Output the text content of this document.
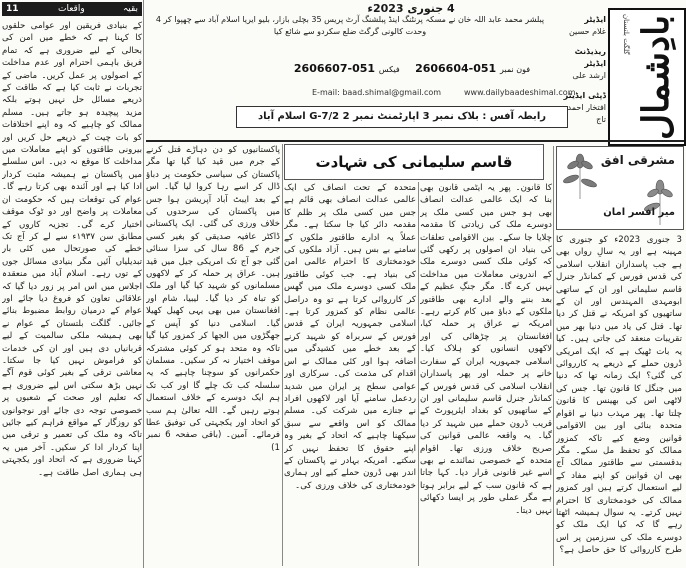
11	واقعات	بقیہ
کے بنیادی فریقین اور عوامی حلقوں کا کہنا ہے کہ خطے میں امن کی بحالی کے لیے ضروری ہے کہ تمام فریق باہمی احترام اور عدم مداخلت کے اصولوں پر عمل کریں۔ ماضی کے تجربات نے ثابت کیا ہے کہ طاقت کے ذریعے مسائل حل نہیں ہوتے بلکہ مزید پیچیدہ ہو جاتے ہیں۔ مسلم ممالک کو چاہیے کہ وہ اپنے اختلافات کو بات چیت کے ذریعے حل کریں اور بیرونی طاقتوں کو اپنے معاملات میں مداخلت کا موقع نہ دیں۔ اس سلسلے میں پاکستان نے ہمیشہ مثبت کردار ادا کیا ہے اور آئندہ بھی کرتا رہے گا۔ عوام کی توقعات ہیں کہ حکومت ان معاملات پر واضح اور دو ٹوک موقف اختیار کرے گی۔ تجزیہ کاروں کے مطابق سن ۱۹۳۷ء سے لے کر آج تک خطے کی صورتحال میں کئی بار تبدیلیاں آئیں مگر بنیادی مسائل جوں کے توں رہے۔ اسلام آباد میں منعقدہ اجلاس میں اس امر پر زور دیا گیا کہ علاقائی تعاون کو فروغ دیا جائے اور عوام کے درمیان روابط مضبوط بنائے جائیں۔ گلگت بلتستان کے عوام نے بھی ہمیشہ ملکی سالمیت کے لیے قربانیاں دی ہیں اور ان کی خدمات کو فراموش نہیں کیا جا سکتا۔ معاشی ترقی کے بغیر کوئی قوم آگے نہیں بڑھ سکتی اس لیے ضروری ہے کہ تعلیم اور صحت کے شعبوں پر خصوصی توجہ دی جائے اور نوجوانوں کو روزگار کے مواقع فراہم کیے جائیں تاکہ وہ ملک کی تعمیر و ترقی میں اپنا کردار ادا کر سکیں۔ آخر میں یہ کہنا ضروری ہے کہ اتحاد اور یکجہتی ہی ہماری اصل طاقت ہے۔
4 جنوری 2023ء
پبلشر محمد عابد اللہ خان نے مسکہ پرنٹنگ اینڈ پبلشنگ آرٹ پریس 35 بچلی بازار، بلیو ایریا اسلام آباد سے چھپوا کر 4 وحدت کالونی گرگٹ ضلع سکردو سے شائع کیا
فون نمبر 051-2606604    فیکس 051-2606607
E-mail: baad.shimal@gmail.com	www.dailybaadeshimal.com
رابطہ آفس : بلاک نمبر 3 اپارٹمنٹ نمبر 2 G-7/2 اسلام آباد
ایڈیٹر
غلام حسین
ریذیڈنٹ ایڈیٹر
ارشد علی
ڈپٹی ایڈیٹر
افتخار احمد تاج
گلگت بلتستان بادِشمال
قاسم سلیمانی کی شہادت	مشرقی افق
میر افسر امان
3 جنوری 2023ء کو جنوری کا مہینہ ہے اور یہ سالِ رواں بھی ہے جب پاسداران انقلاب اسلامی کی قدس فورس کے کمانڈر جنرل قاسم سلیمانی اور ان کے ساتھی ابومہدی المہندس اور ان کے ساتھیوں کو امریکہ نے قتل کر دیا تھا۔ قتل کی یاد میں دنیا بھر میں تقریبات منعقد کی جاتی ہیں۔ کیا یہ بات ٹھیک ہے کہ ایک امریکی ڈرون حملے کے ذریعے یہ کارروائی کی گئی؟ ایک زمانہ تھا کہ دنیا میں جنگل کا قانون تھا۔ جس کی لاٹھی اس کی بھینس کا قانون چلتا تھا۔ پھر مہذب دنیا نے اقوام متحدہ بنائی اور بین الاقوامی قوانین وضع کیے تاکہ کمزور ممالک کو تحفظ مل سکے۔ مگر بدقسمتی سے طاقتور ممالک آج بھی ان قوانین کو اپنے مفاد کے لیے استعمال کرتے ہیں اور کمزور ممالک کی خودمختاری کا احترام نہیں کرتے۔ یہ سوال ہمیشہ اٹھتا رہے گا کہ کیا ایک ملک کو دوسرے ملک کی سرزمین پر اس طرح کارروائی کا حق حاصل ہے؟
کا قانون۔ پھر یہ ایٹمی قانون بھی بنا کہ ایک عالمی عدالت انصاف بھی ہو جس میں کسی ملک پر دوسرے ملک کی زیادتی کا مقدمہ چلایا جا سکے۔ بین الاقوامی تعلقات کی بنیاد ان اصولوں پر رکھی گئی کہ کوئی ملک کسی دوسرے ملک کے اندرونی معاملات میں مداخلت نہیں کرے گا۔ مگر جنگِ عظیم کے بعد بننے والے ادارے بھی طاقتور ملکوں کے دباؤ میں کام کرتے رہے۔ امریکہ نے عراق پر حملہ کیا، افغانستان پر چڑھائی کی اور لاکھوں انسانوں کو ہلاک کیا۔ اسلامی جمہوریہ ایران کے سفارت خانے پر حملہ اور پھر پاسداران انقلاب اسلامی کی قدس فورس کے کمانڈر جنرل قاسم سلیمانی اور ان کے ساتھیوں کو بغداد ایئرپورٹ کے قریب ڈرون حملے میں شہید کر دیا گیا۔ یہ واقعہ عالمی قوانین کی صریح خلاف ورزی تھا۔ اقوام متحدہ کے خصوصی نمائندے نے بھی اسے غیر قانونی قرار دیا۔ کہا جاتا ہے کہ قانون سب کے لیے برابر ہوتا ہے مگر عملی طور پر ایسا دکھائی نہیں دیتا۔
متحدہ کے تحت انصاف کی ایک عالمی عدالت انصاف بھی قائم ہے جس میں کسی ملک پر ظلم کا مقدمہ دائر کیا جا سکتا ہے۔ مگر عملاً یہ ادارے طاقتور ملکوں کے سامنے بے بس ہیں۔ آزاد ملکوں کی خودمختاری کا احترام عالمی امن کی بنیاد ہے۔ جب کوئی طاقتور ملک کسی دوسرے ملک میں گھس کر کارروائی کرتا ہے تو وہ دراصل عالمی نظام کو کمزور کرتا ہے۔ اسلامی جمہوریہ ایران کے قدس فورس کے سربراہ کو شہید کرنے کے بعد خطے میں کشیدگی میں اضافہ ہوا اور کئی ممالک نے اس اقدام کی مذمت کی۔ سرکاری اور عوامی سطح پر ایران میں شدید ردعمل سامنے آیا اور لاکھوں افراد نے جنازے میں شرکت کی۔ مسلم ممالک کو اس واقعے سے سبق سیکھنا چاہیے کہ اتحاد کے بغیر وہ اپنے حقوق کا تحفظ نہیں کر سکتے۔ امریکہ بہادر نے پاکستان کے اندر بھی ڈرون حملے کیے اور ہماری خودمختاری کی خلاف ورزی کی۔
پاکستانیوں کو دن دہاڑے قتل کرنے کے جرم میں قید کیا گیا تھا مگر پاکستان کی سیاسی حکومت پر دباؤ ڈال کر اسے رہا کروا لیا گیا۔ اس کے بعد ایبٹ آباد آپریشن ہوا جس میں پاکستان کی سرحدوں کی خلاف ورزی کی گئی۔ ایک پاکستانی ڈاکٹر عافیہ صدیقی کو بغیر کسی جرم کے 86 سال کی سزا سنائی گئی جو آج تک امریکی جیل میں قید ہیں۔ عراق پر حملہ کر کے لاکھوں مسلمانوں کو شہید کیا گیا اور ملک کو تباہ کر دیا گیا۔ لیبیا، شام اور افغانستان میں بھی یہی کھیل کھیلا گیا۔ اسلامی دنیا کو آپس کے جھگڑوں میں الجھا کر کمزور کیا گیا تاکہ وہ متحد ہو کر کوئی مشترکہ موقف اختیار نہ کر سکیں۔ مسلمان حکمرانوں کو سوچنا چاہیے کہ یہ سلسلہ کب تک چلے گا اور کب تک ہم ایک دوسرے کے خلاف استعمال ہوتے رہیں گے۔ اللہ تعالیٰ ہم سب کو اتحاد اور یکجہتی کی توفیق عطا فرمائے۔ آمین۔ (باقی صفحہ 6 نمبر 1)
